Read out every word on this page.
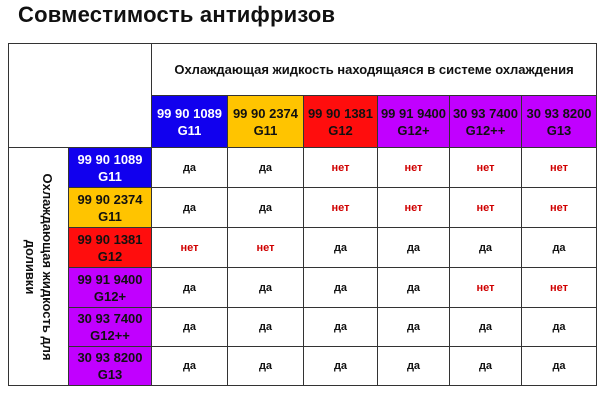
Совместимость антифризов
		Охлаждающая жидкость находящаяся в системе охлаждения					
		99 90 1089
G11	99 90 2374
G11	99 90 1381
G12	99 91 9400
G12+	30 93 7400
G12++	30 93 8200
G13

Охлаждающая жидкость для
доливки	99 90 1089
G11	да	да	нет	нет	нет	нет
	99 90 2374
G11	да	да	нет	нет	нет	нет
	99 90 1381
G12	нет	нет	да	да	да	да
	99 91 9400
G12+	да	да	да	да	нет	нет
	30 93 7400
G12++	да	да	да	да	да	да
	30 93 8200
G13	да	да	да	да	да	да
